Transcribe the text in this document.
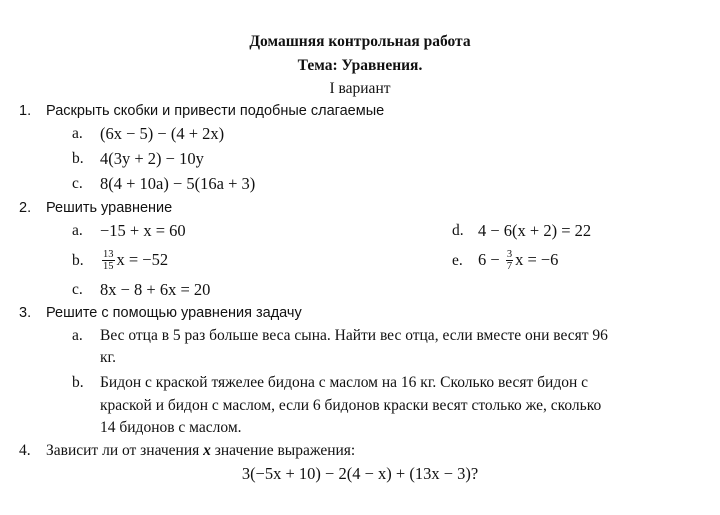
Домашняя контрольная работа
Тема: Уравнения.
I вариант
1. Раскрыть скобки и привести подобные слагаемые
a. (6x − 5) − (4 + 2x)
b. 4(3y + 2) − 10y
c. 8(4 + 10a) − 5(16a + 3)
2. Решить уравнение
a. −15 + x = 60
b. $\frac{13}{15}$ x = −52
c. 8x − 8 + 6x = 20
d. 4 − 6(x + 2) = 22
e. $6 - \frac{3}{7}$ x = −6
3. Решите с помощью уравнения задачу
a. Вес отца в 5 раз больше веса сына. Найти вес отца, если вместе они весят 96
кг.
b. Бидон с краской тяжелее бидона с маслом на 16 кг. Сколько весят бидон с
краской и бидон с маслом, если 6 бидонов краски весят столько же, сколько
14 бидонов с маслом.
4. Зависит ли от значения x значение выражения:
3(−5x + 10) − 2(4 − x) + (13x − 3)?
